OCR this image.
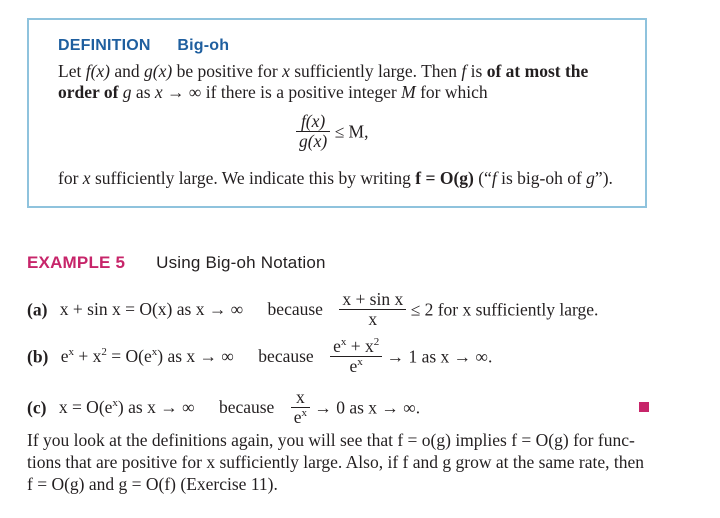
DEFINITION Big-oh
Let f(x) and g(x) be positive for x sufficiently large. Then f is of at most the
order of g as x → ∞ if there is a positive integer M for which
$\frac{f(x)}{g(x)} \le M$,
for x sufficiently large. We indicate this by writing f = O(g) (“f is big-oh of g”).
EXAMPLE 5 Using Big-oh Notation
(a) x + sin x = O(x) as x → ∞ because $\frac{\text{x + sin x}}{x} \le 2$ for x sufficiently large.
(b) $e^x + x^2 = O(e^x)$ as x → ∞ because $\frac{e^x + x^2}{e^x} \to 1$ as x → ∞.
(c) $x = O(e^x)$ as x → ∞ because $\frac{x}{e^x} \to 0$ as x → ∞.
If you look at the definitions again, you will see that f = o(g) implies f = O(g) for func-
tions that are positive for x sufficiently large. Also, if f and g grow at the same rate, then
f = O(g) and g = O(f) (Exercise 11).
